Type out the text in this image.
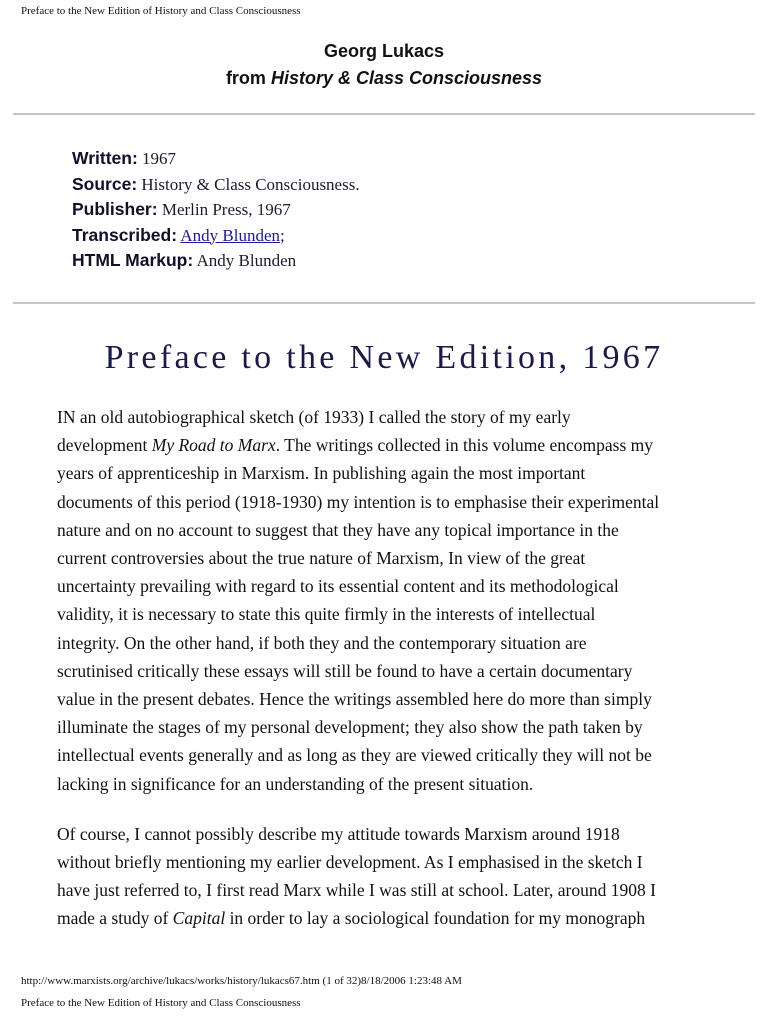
Preface to the New Edition of History and Class Consciousness
Georg Lukacs
from History & Class Consciousness
Written: 1967
Source: History & Class Consciousness.
Publisher: Merlin Press, 1967
Transcribed: Andy Blunden;
HTML Markup: Andy Blunden
Preface to the New Edition, 1967

IN an old autobiographical sketch (of 1933) I called the story of my early
development My Road to Marx. The writings collected in this volume encompass my
years of apprenticeship in Marxism. In publishing again the most important
documents of this period (1918-1930) my intention is to emphasise their experimental
nature and on no account to suggest that they have any topical importance in the
current controversies about the true nature of Marxism, In view of the great
uncertainty prevailing with regard to its essential content and its methodological
validity, it is necessary to state this quite firmly in the interests of intellectual
integrity. On the other hand, if both they and the contemporary situation are
scrutinised critically these essays will still be found to have a certain documentary
value in the present debates. Hence the writings assembled here do more than simply
illuminate the stages of my personal development; they also show the path taken by
intellectual events generally and as long as they are viewed critically they will not be
lacking in significance for an understanding of the present situation.

Of course, I cannot possibly describe my attitude towards Marxism around 1918
without briefly mentioning my earlier development. As I emphasised in the sketch I
have just referred to, I first read Marx while I was still at school. Later, around 1908 I
made a study of Capital in order to lay a sociological foundation for my monograph

http://www.marxists.org/archive/lukacs/works/history/lukacs67.htm (1 of 32)8/18/2006 1:23:48 AM
Preface to the New Edition of History and Class Consciousness
